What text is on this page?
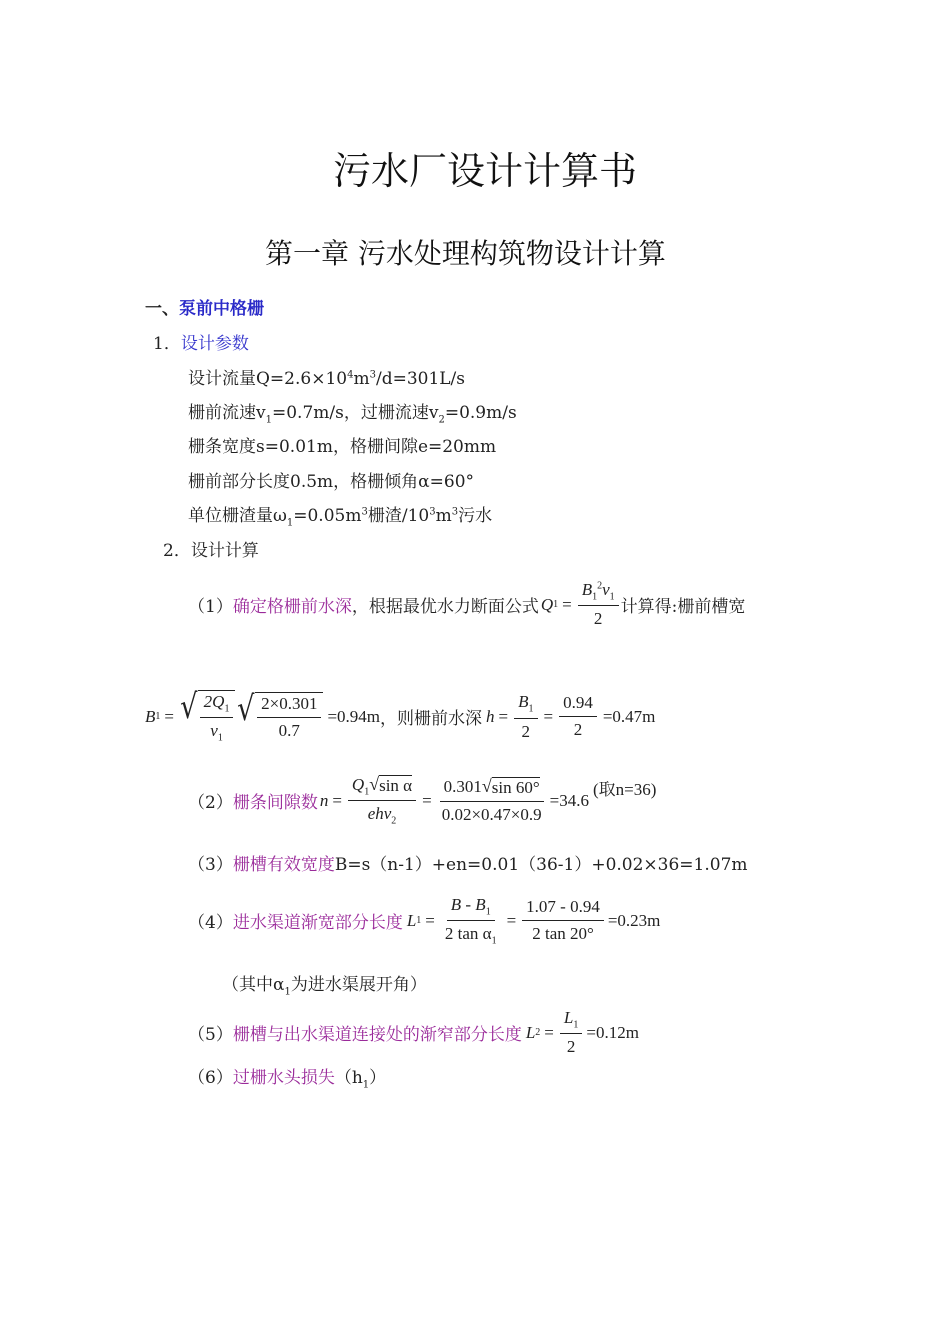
污水厂设计计算书
第一章 污水处理构筑物设计计算
一、泵前中格栅
1．设计参数
设计流量$Q=2.6\times 10^4m^3/d=301L/s$
栅前流速$v_1=0.7m/s$，过栅流速$v_2=0.9m/s$
栅条宽度s=0.01m，格栅间隙e=20mm
栅前部分长度0.5m，格栅倾角α=60°
单位栅渣量$\omega_1=0.05m^3$栅渣$/10^3m^3$污水
2．设计计算
（1） 确定格栅前水深 ，根据最优水力断面公式 Q $1 = \frac{B_1^2v_1}{2}$ 计算得:栅前槽宽
B 1 = √ $\frac{2Q_1}{v_1}$ √ $\frac{2\times 0.301}{0.7} =0.94m$ ，则栅前水深 $h = \frac{B_1}{2} = \frac{0.94}{2} =0.47m$
（2） 栅条间隙数 $n = \frac{Q_1 √ \sin \alpha}{ehv_2} = \frac{0.301 √ \sin 60^\circ}{0.02\times 0.47\times 0.9} =34.6$
(取n=36)
（3）栅槽有效宽度B=s（n-1）+en=0.01（36-1）+0.02×36=1.07m
（4） 进水渠道渐宽部分长度 L $1 = \frac{B - B_1}{2 \tan \alpha_1} = \frac{1.07 - 0.94}{2 \tan 20^\circ} =0.23m$
（其中$\alpha_1$为进水渠展开角）
（5） 栅槽与出水渠道连接处的渐窄部分长度 L $2 = \frac{L_1}{2} =0.12m$
（6）过栅水头损失$(h_1)$
